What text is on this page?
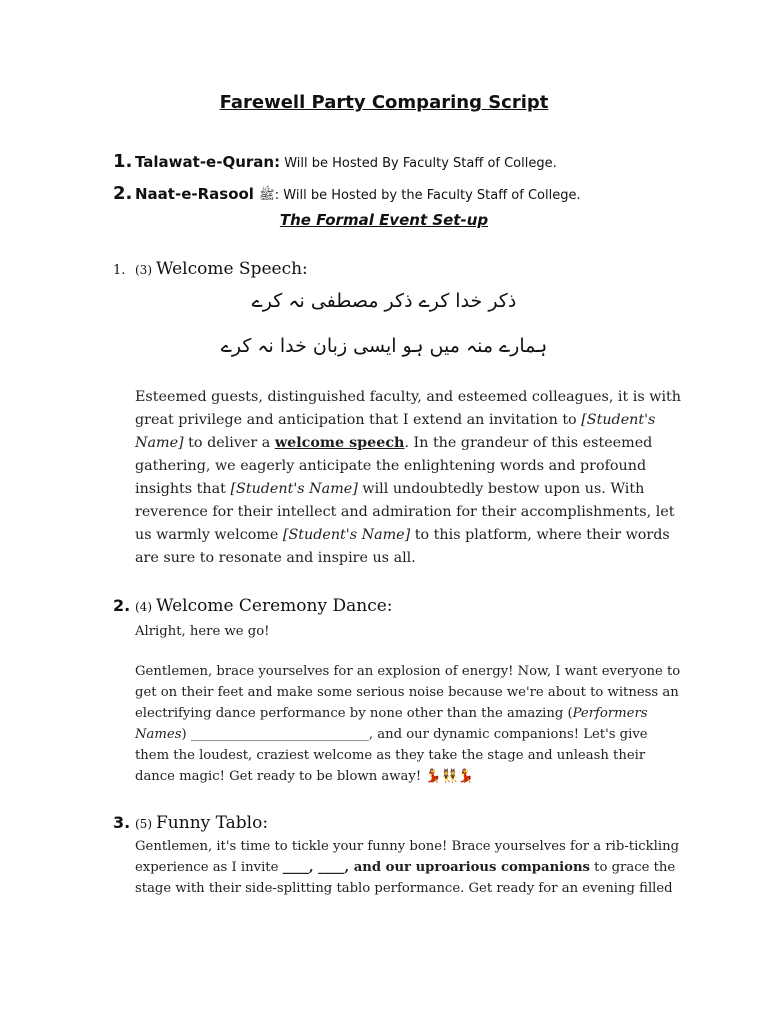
Farewell Party Comparing Script
1. Talawat-e-Quran: Will be Hosted By Faculty Staff of College.
2. Naat-e-Rasool ﷺ: Will be Hosted by the Faculty Staff of College.
The Formal Event Set-up
1. (3) Welcome Speech:
ذکر خدا کرے ذکر مصطفی نہ کرے
ہمارے منہ میں ہو ایسی زبان خدا نہ کرے
Esteemed guests, distinguished faculty, and esteemed colleagues, it is with great privilege and anticipation that I extend an invitation to [Student's Name] to deliver a welcome speech. In the grandeur of this esteemed gathering, we eagerly anticipate the enlightening words and profound insights that [Student's Name] will undoubtedly bestow upon us. With reverence for their intellect and admiration for their accomplishments, let us warmly welcome [Student's Name] to this platform, where their words are sure to resonate and inspire us all.
2. (4) Welcome Ceremony Dance:
Alright, here we go!
Gentlemen, brace yourselves for an explosion of energy! Now, I want everyone to get on their feet and make some serious noise because we're about to witness an electrifying dance performance by none other than the amazing (Performers Names) ___________________________, and our dynamic companions! Let's give them the loudest, craziest welcome as they take the stage and unleash their dance magic! Get ready to be blown away! 💃👯💃
3. (5) Funny Tablo:
Gentlemen, it's time to tickle your funny bone! Brace yourselves for a rib-tickling experience as I invite ____, ____, and our uproarious companions to grace the stage with their side-splitting tablo performance. Get ready for an evening filled
